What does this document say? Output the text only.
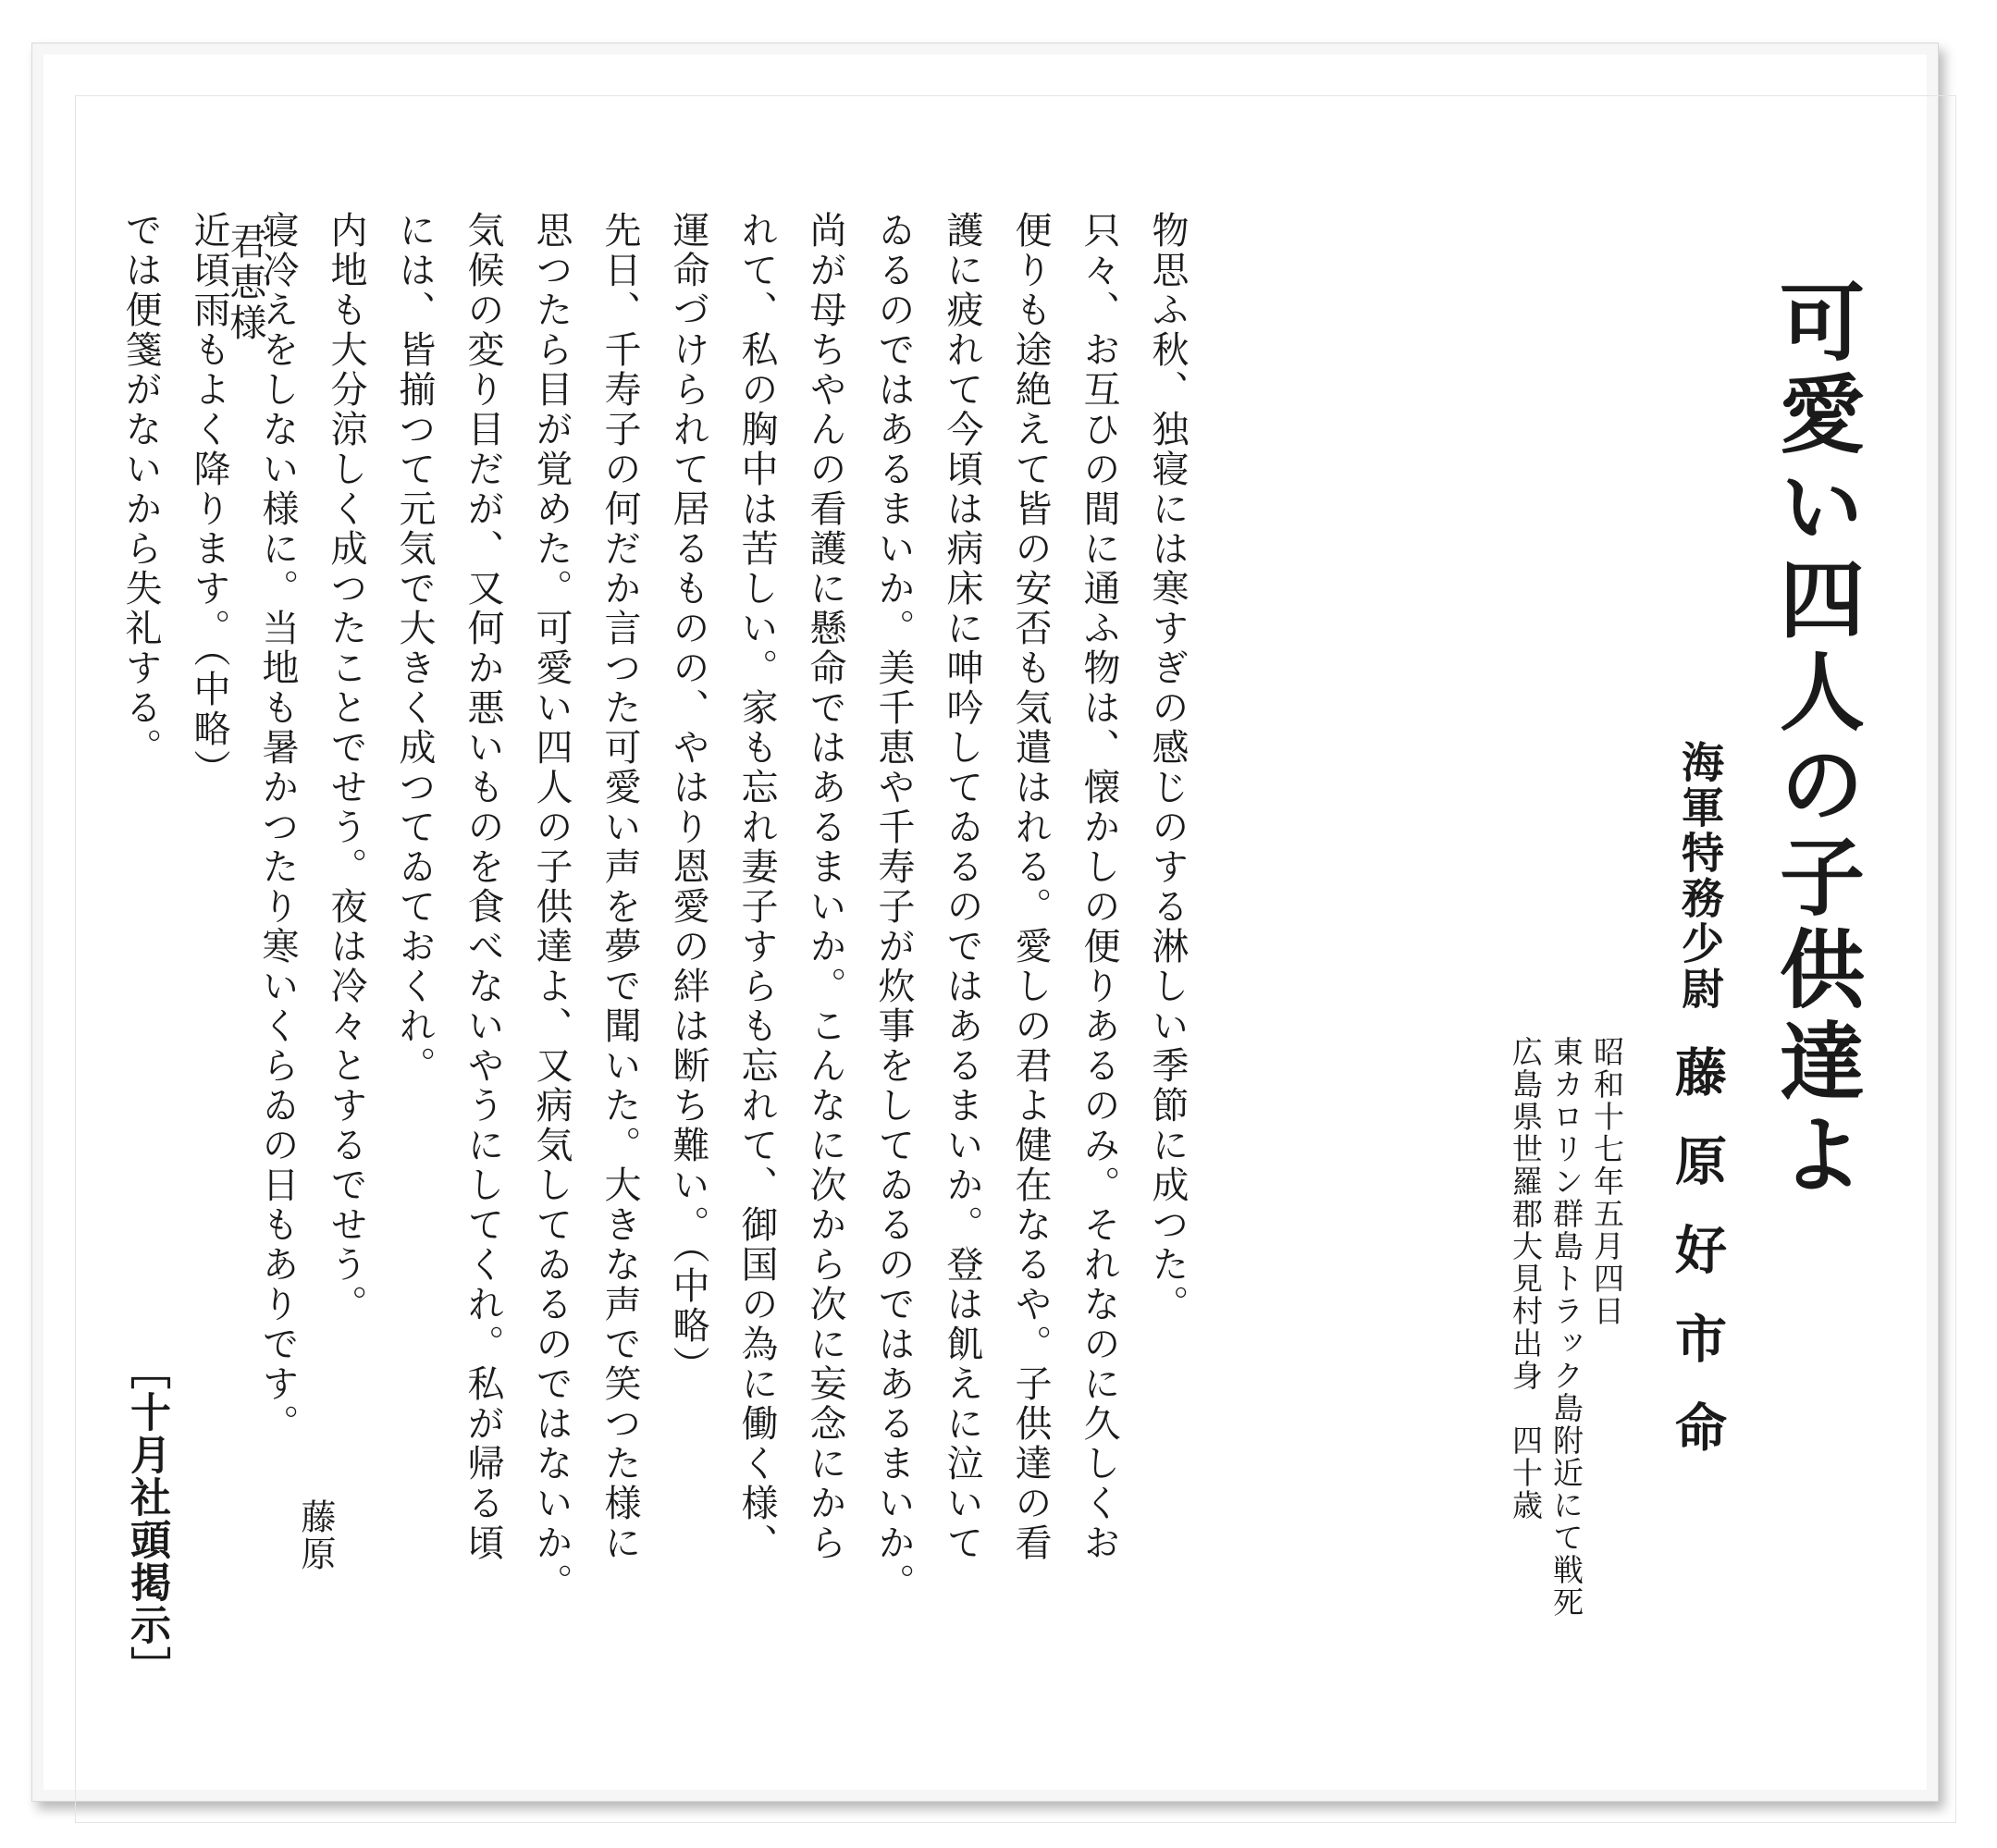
可愛い四人の子供達よ
海軍特務少尉
藤原好市命
昭和十七年五月四日
東カロリン群島トラック島附近にて戦死
広島県世羅郡大見村出身　四十歳
物思ふ秋、独寝には寒すぎの感じのする淋しい季節に成つた。
只々、お互ひの間に通ふ物は、懐かしの便りあるのみ。それなのに久しくお
便りも途絶えて皆の安否も気遣はれる。愛しの君よ健在なるや。子供達の看
護に疲れて今頃は病床に呻吟してゐるのではあるまいか。登は飢えに泣いて
ゐるのではあるまいか。美千恵や千寿子が炊事をしてゐるのではあるまいか。
尚が母ちやんの看護に懸命ではあるまいか。こんなに次から次に妄念にから
れて、私の胸中は苦しい。家も忘れ妻子すらも忘れて、御国の為に働く様、
運命づけられて居るものの、やはり恩愛の絆は断ち難い。（中略）
先日、千寿子の何だか言つた可愛い声を夢で聞いた。大きな声で笑つた様に
思つたら目が覚めた。可愛い四人の子供達よ、又病気してゐるのではないか。
気候の変り目だが、又何か悪いものを食べないやうにしてくれ。私が帰る頃
には、皆揃つて元気で大きく成つてゐておくれ。
内地も大分涼しく成つたことでせう。夜は冷々とするでせう。
寝冷えをしない様に。当地も暑かつたり寒いくらゐの日もありです。
近頃雨もよく降ります。（中略）
では便箋がないから失礼する。
藤原
君恵様
［十月社頭掲示］
